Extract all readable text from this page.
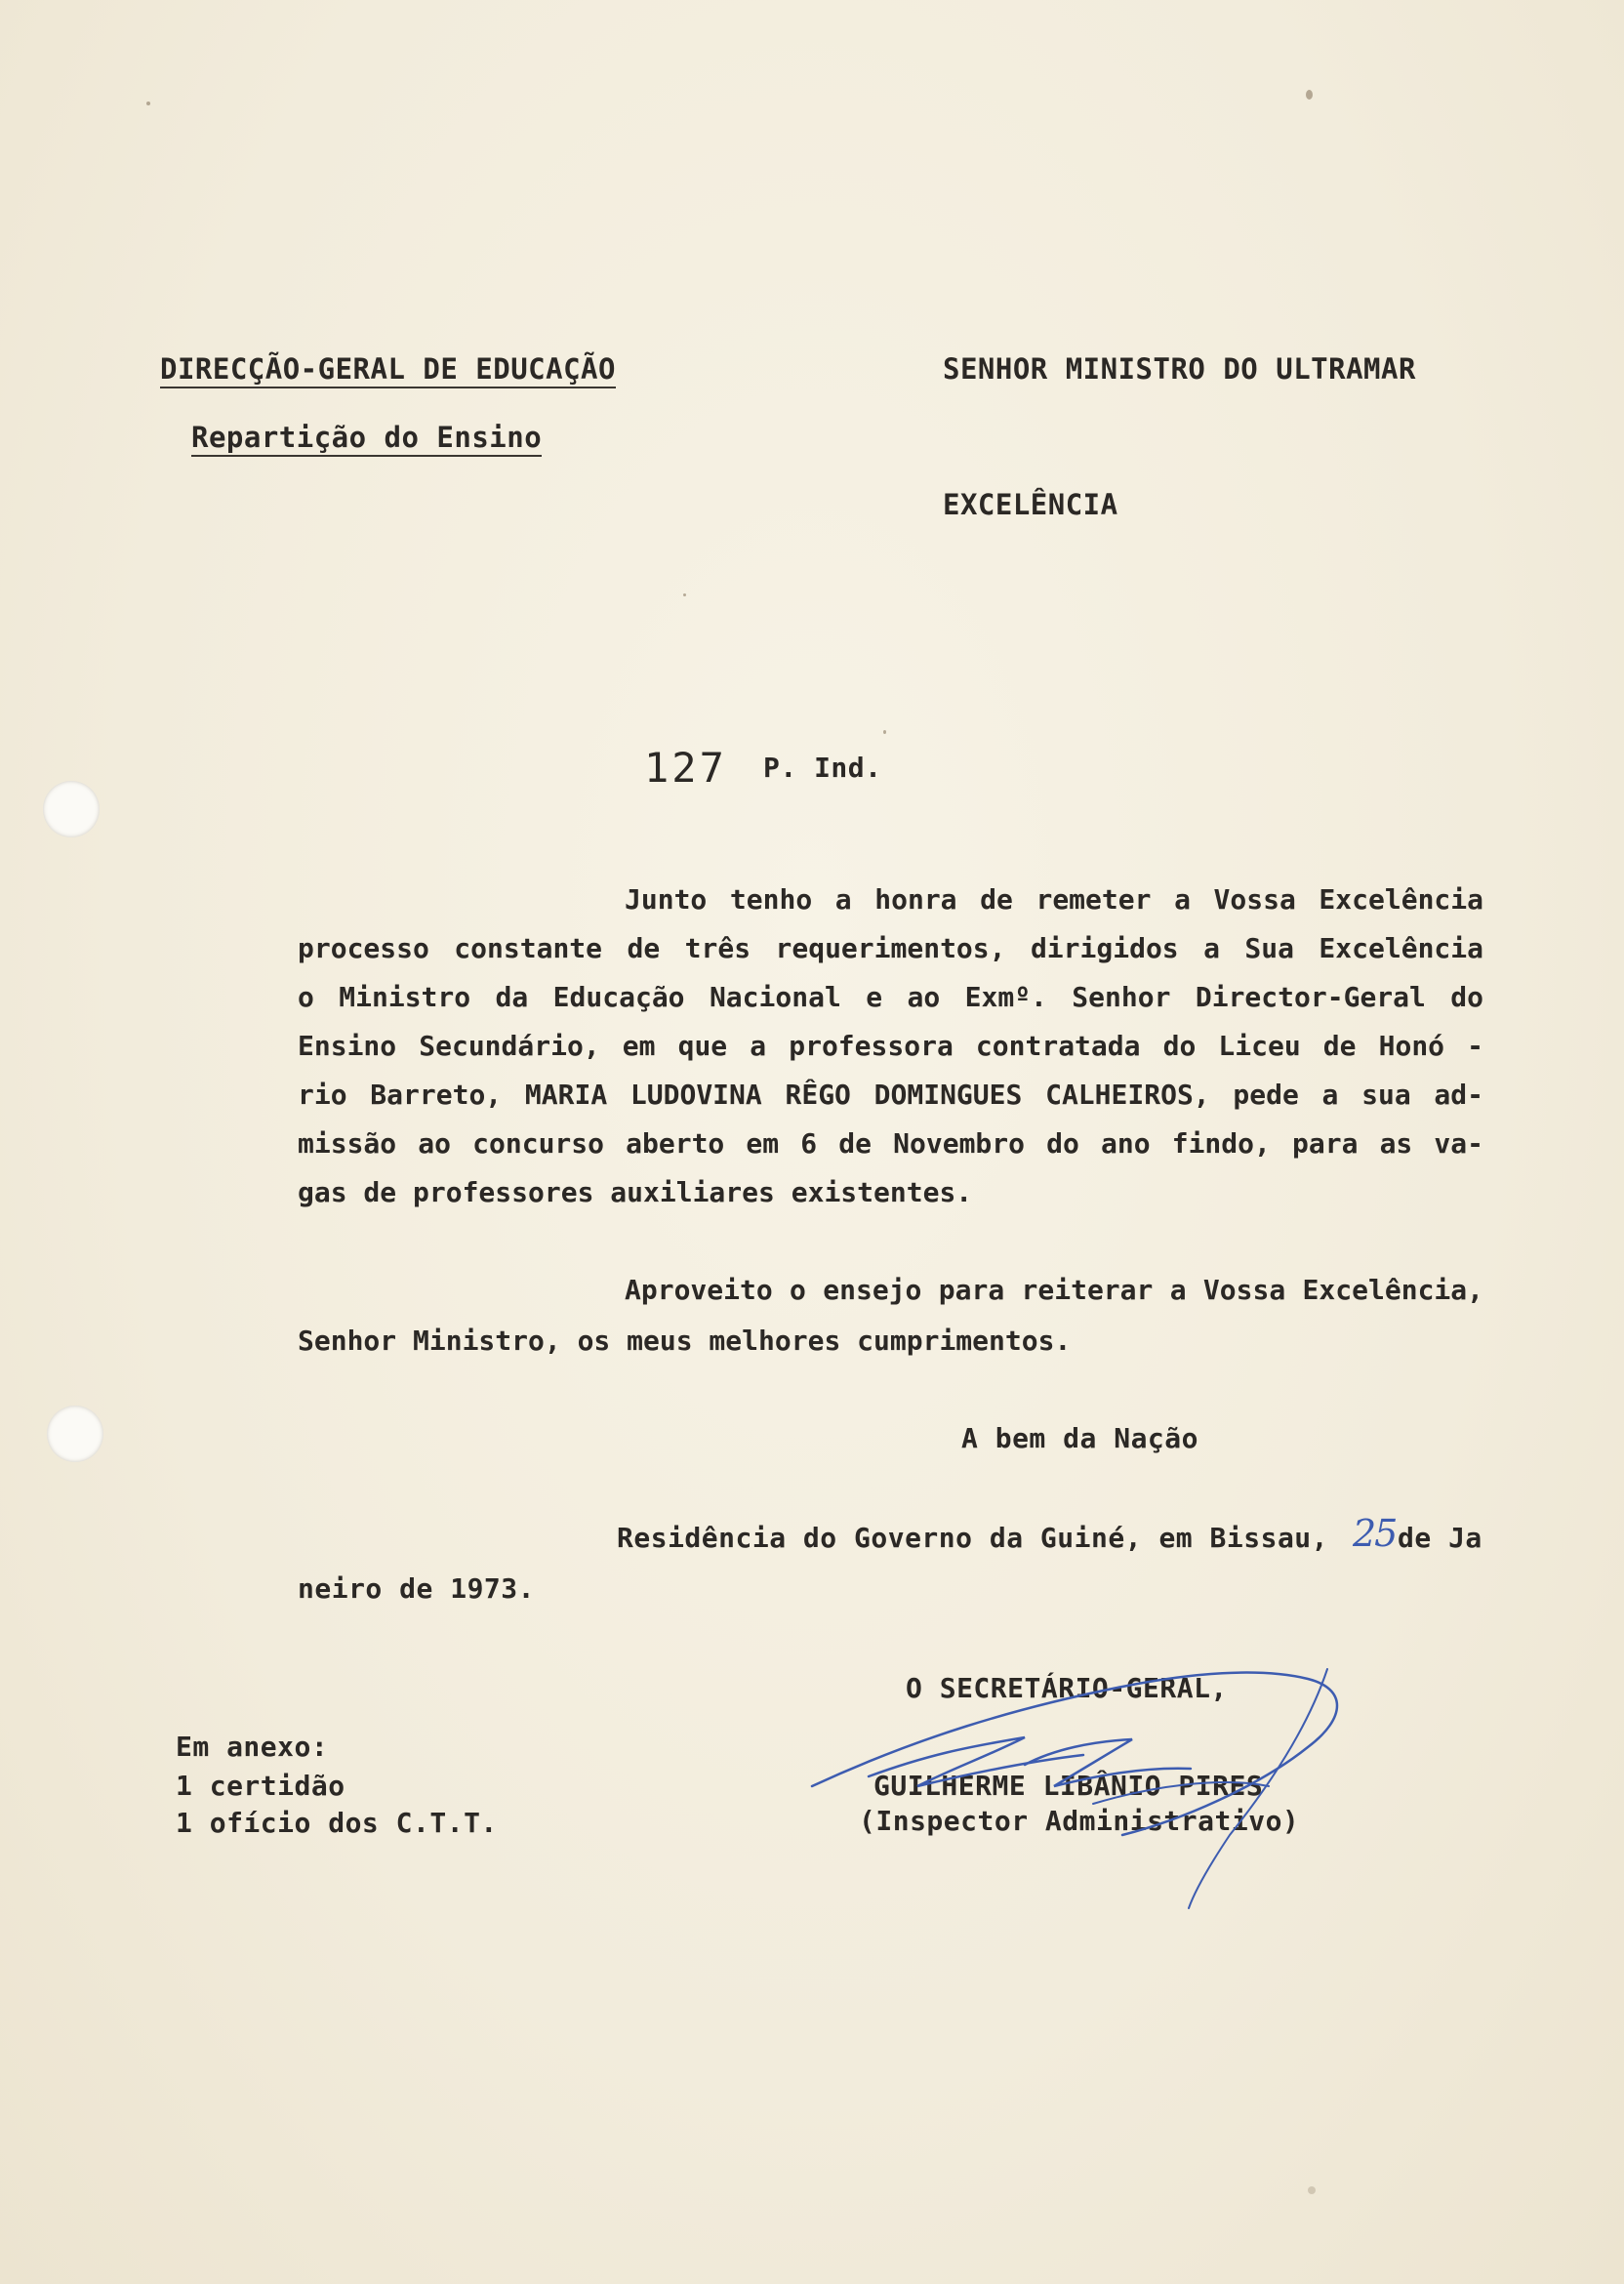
DIRECÇÃO-GERAL DE EDUCAÇÃO
Repartição do Ensino
SENHOR MINISTRO DO ULTRAMAR
EXCELÊNCIA
127 P. Ind.
Junto tenho a honra de remeter a Vossa Excelência
processo constante de três requerimentos, dirigidos a Sua Excelência
o Ministro da Educação Nacional e ao Exmº. Senhor Director-Geral do
Ensino Secundário, em que a professora contratada do Liceu de Honó -
rio Barreto, MARIA LUDOVINA RÊGO DOMINGUES CALHEIROS, pede a sua ad-
missão ao concurso aberto em 6 de Novembro do ano findo, para as va-
gas de professores auxiliares existentes.
Aproveito o ensejo para reiterar a Vossa Excelência,
Senhor Ministro, os meus melhores cumprimentos.
A bem da Nação
Residência do Governo da Guiné, em Bissau, 25 de Ja
neiro de 1973.
O SECRETÁRIO-GERAL,
GUILHERME LIBÂNIO PIRES
(Inspector Administrativo)
Em anexo:
1 certidão
1 ofício dos C.T.T.
